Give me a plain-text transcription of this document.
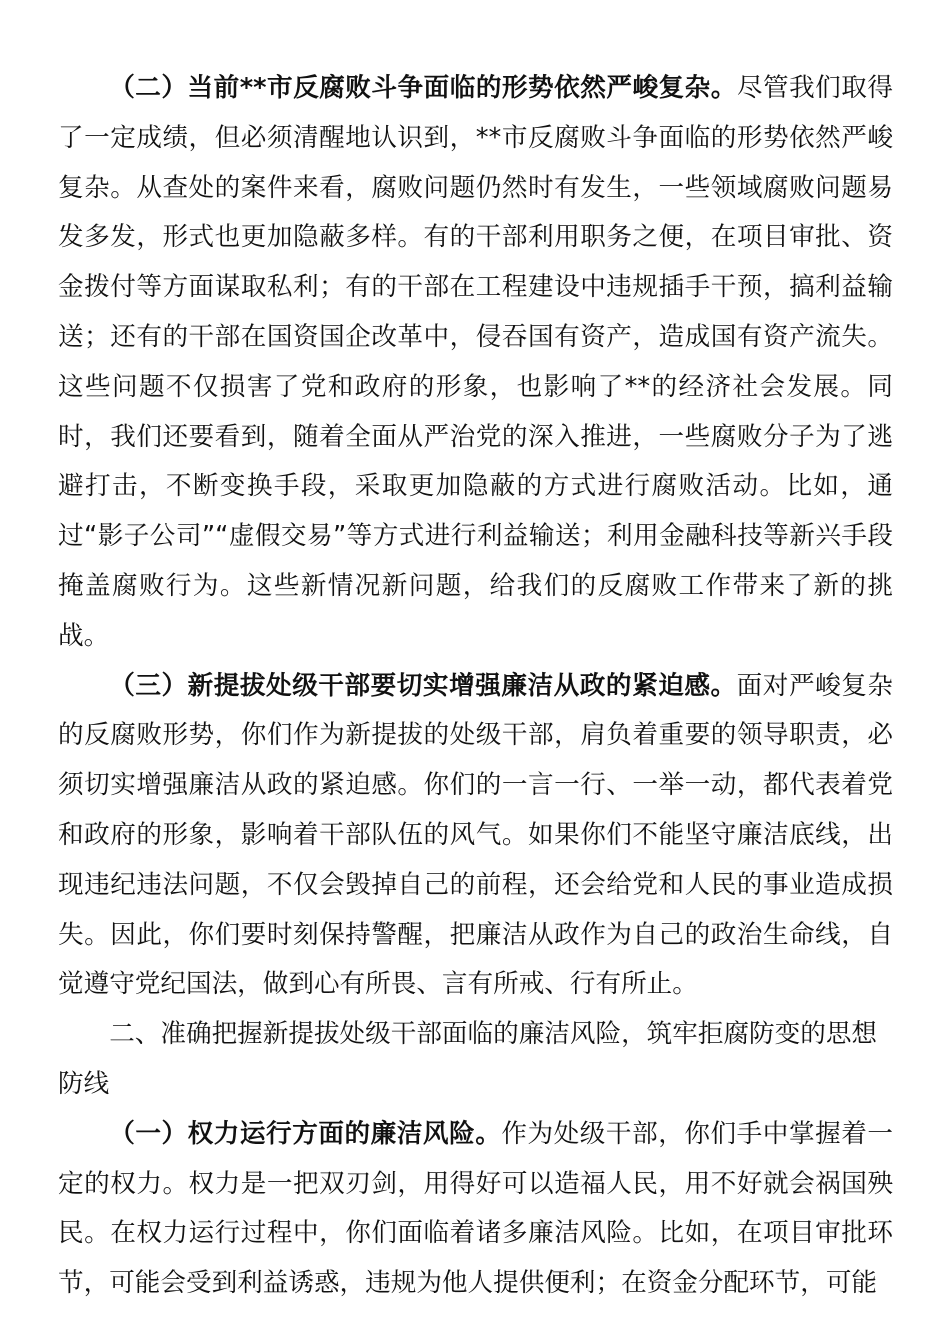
（二）当前**市反腐败斗争面临的形势依然严峻复杂。尽管我们取得了一定成绩，但必须清醒地认识到，**市反腐败斗争面临的形势依然严峻复杂。从查处的案件来看，腐败问题仍然时有发生，一些领域腐败问题易发多发，形式也更加隐蔽多样。有的干部利用职务之便，在项目审批、资金拨付等方面谋取私利；有的干部在工程建设中违规插手干预，搞利益输送；还有的干部在国资国企改革中，侵吞国有资产，造成国有资产流失。这些问题不仅损害了党和政府的形象，也影响了**的经济社会发展。同时，我们还要看到，随着全面从严治党的深入推进，一些腐败分子为了逃避打击，不断变换手段，采取更加隐蔽的方式进行腐败活动。比如，通过“影子公司”“虚假交易”等方式进行利益输送；利用金融科技等新兴手段掩盖腐败行为。这些新情况新问题，给我们的反腐败工作带来了新的挑战。

（三）新提拔处级干部要切实增强廉洁从政的紧迫感。面对严峻复杂的反腐败形势，你们作为新提拔的处级干部，肩负着重要的领导职责，必须切实增强廉洁从政的紧迫感。你们的一言一行、一举一动，都代表着党和政府的形象，影响着干部队伍的风气。如果你们不能坚守廉洁底线，出现违纪违法问题，不仅会毁掉自己的前程，还会给党和人民的事业造成损失。因此，你们要时刻保持警醒，把廉洁从政作为自己的政治生命线，自觉遵守党纪国法，做到心有所畏、言有所戒、行有所止。

二、准确把握新提拔处级干部面临的廉洁风险，筑牢拒腐防变的思想防线

（一）权力运行方面的廉洁风险。作为处级干部，你们手中掌握着一定的权力。权力是一把双刃剑，用得好可以造福人民，用不好就会祸国殃民。在权力运行过程中，你们面临着诸多廉洁风险。比如，在项目审批环节，可能会受到利益诱惑，违规为他人提供便利；在资金分配环节，可能
